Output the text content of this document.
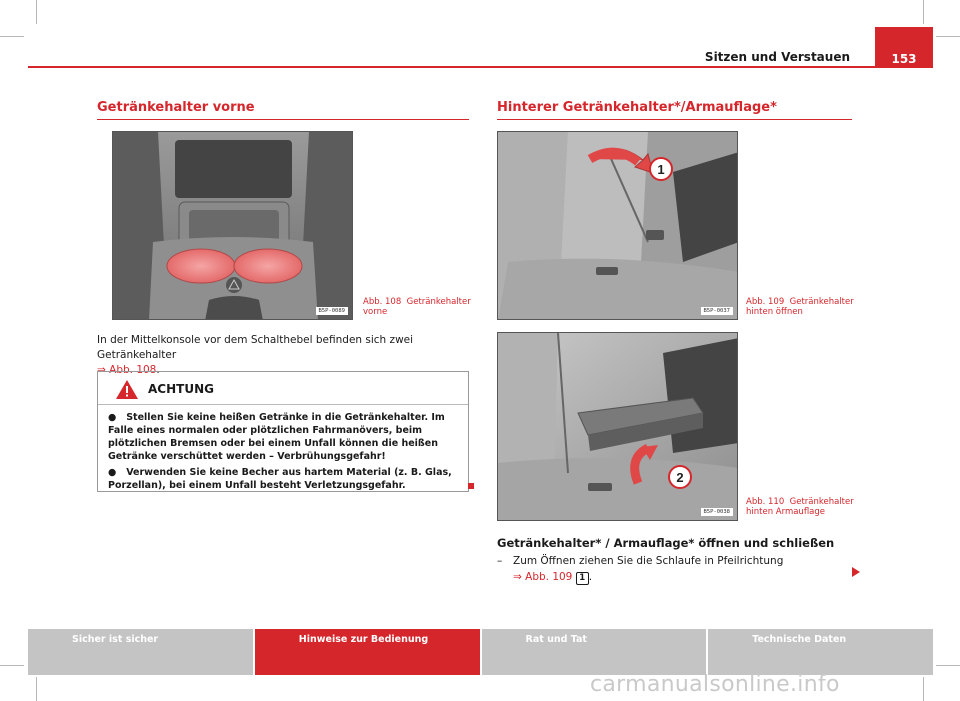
Sitzen und Verstauen	153
Getränkehalter vorne
B5P-0089
Abb. 108 Getränkehalter vorne
In der Mittelkonsole vor dem Schalthebel befinden sich zwei Getränkehalter
⇒ Abb. 108.
ACHTUNG

●   Stellen Sie keine heißen Getränke in die Getränkehalter. Im Falle eines normalen oder plötzlichen Fahrmanövers, beim plötzlichen Bremsen oder bei einem Unfall können die heißen Getränke verschüttet werden – Verbrühungsgefahr!

●   Verwenden Sie keine Becher aus hartem Material (z. B. Glas, Porzellan), bei einem Unfall besteht Verletzungsgefahr.

Hinterer Getränkehalter*/Armauflage*
1
B5P-0037
Abb. 109 Getränkehalter hinten öffnen
2
B5P-0038
Abb. 110 Getränkehalter hinten Armauflage
Getränkehalter* / Armauflage* öffnen und schließen
– Zum Öffnen ziehen Sie die Schlaufe in Pfeilrichtung
⇒ Abb. 109 1 .
Sicher ist sicher	Hinweise zur Bedienung	Rat und Tat	Technische Daten
carmanualsonline.info
